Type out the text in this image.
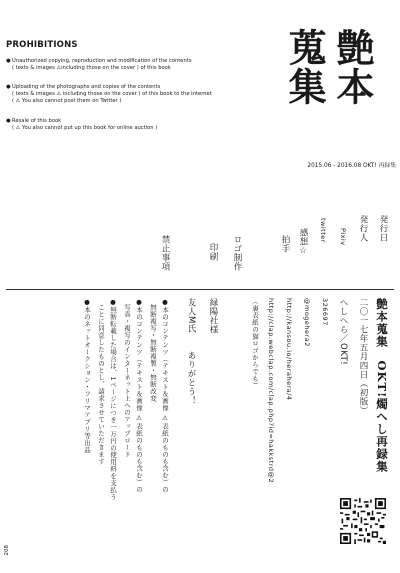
PROHIBITIONS
●Unauthorized copying, reproduction and modification of the contents
( texts & images ⚠including those on the cover ) of this book
●Uploading of the photographs and copies of the contents
( texts & images ⚠ including those on the cover ) of this book to the Internet
( ⚠ You also cannot post them on Twitter )
●Resale of this book
( ⚠ You also cannot put up this book for online auction )
艶本
蒐集
2015.06 - 2016.08 OKT! 再録集
発行日
発行人
Pixiv
twitter
感想☆
拍手
ロゴ制作
印刷
禁止事項
艶本蒐集　OKT!燭へし再録集
二〇一七年五月四日（初版）
へしへら／OKT!
326697
@mogehera2
http://kansou.io/herahera/4
http://clap.webclap.com/clap.php?id=hakkstrd@2
（裏表紙の猫ロゴからでも）
緑陽社様
友人M氏　　ありがとう！
●本のコンテンツ（テキスト＆画像 ⚠表紙のものも含む）の
無断複写・無断複製・無断改変
●本のコンテンツ（テキスト＆画像 ⚠表紙のものも含む）の
写真・複写のインターネット上へのアップロード
●無断転載した場合は、1ページにつき一万円の使用料を支払う
ことに同意したものとし、請求させていただきます
●本のネットオークション・フリマアプリ等出品
208
